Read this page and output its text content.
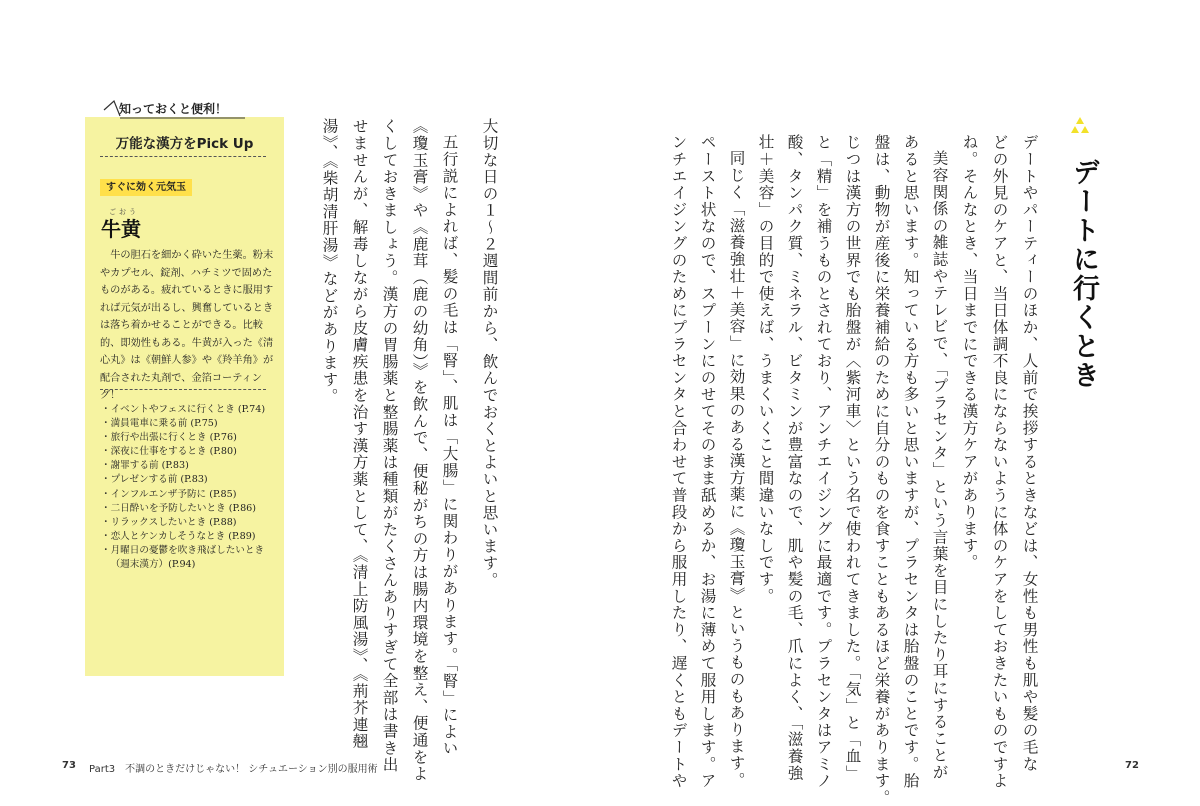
デートに行くとき
デートやパーティーのほか、人前で挨拶するときなどは、女性も男性も肌や髪の毛な
どの外見のケアと、当日体調不良にならないように体のケアをしておきたいものですよ
ね。そんなとき、当日までにできる漢方ケアがあります。
美容関係の雑誌やテレビで、「プラセンタ」という言葉を目にしたり耳にすることが
あると思います。知っている方も多いと思いますが、プラセンタは胎盤のことです。胎
盤は、動物が産後に栄養補給のために自分のものを食すこともあるほど栄養があります。
じつは漢方の世界でも胎盤が〈紫河車〉という名で使われてきました。「気」と「血」
と「精」を補うものとされており、アンチエイジングに最適です。プラセンタはアミノ
酸、タンパク質、ミネラル、ビタミンが豊富なので、肌や髪の毛、爪によく、「滋養強
壮＋美容」の目的で使えば、うまくいくこと間違いなしです。
同じく「滋養強壮＋美容」に効果のある漢方薬に《瓊玉膏》というものもあります。
ペースト状なので、スプーンにのせてそのまま舐めるか、お湯に薄めて服用します。ア
ンチエイジングのためにプラセンタと合わせて普段から服用したり、遅くともデートや
大切な日の１〜２週間前から、飲んでおくとよいと思います。
五行説によれば、髪の毛は「腎」、肌は「大腸」に関わりがあります。「腎」によい
《瓊玉膏》や《鹿茸（鹿の幼角）》を飲んで、便秘がちの方は腸内環境を整え、便通をよ
くしておきましょう。漢方の胃腸薬と整腸薬は種類がたくさんありすぎて全部は書き出
せませんが、解毒しながら皮膚疾患を治す漢方薬として、《清上防風湯》、《荊芥連翹
湯》、《柴胡清肝湯》などがあります。
知っておくと便利！
万能な漢方をPick Up
すぐに効く元気玉
ごおう
牛黄

牛の胆石を細かく砕いた生薬。粉末やカプセル、錠剤、ハチミツで固めたものがある。疲れているときに服用すれば元気が出るし、興奮しているときは落ち着かせることができる。比較的、即効性もある。牛黄が入った《清心丸》は《朝鮮人参》や《羚羊角》が配合された丸剤で、金箔コーティング！

・イベントやフェスに行くとき (P.74)
・満員電車に乗る前 (P.75)
・旅行や出張に行くとき (P.76)
・深夜に仕事をするとき (P.80)
・謝罪する前 (P.83)
・プレゼンする前 (P.83)
・インフルエンザ予防に (P.85)
・二日酔いを予防したいとき (P.86)
・リラックスしたいとき (P.88)
・恋人とケンカしそうなとき (P.89)
・月曜日の憂鬱を吹き飛ばしたいとき
（週末漢方）(P.94)
73 Part3　不調のときだけじゃない！ シチュエーション別の服用術	72
